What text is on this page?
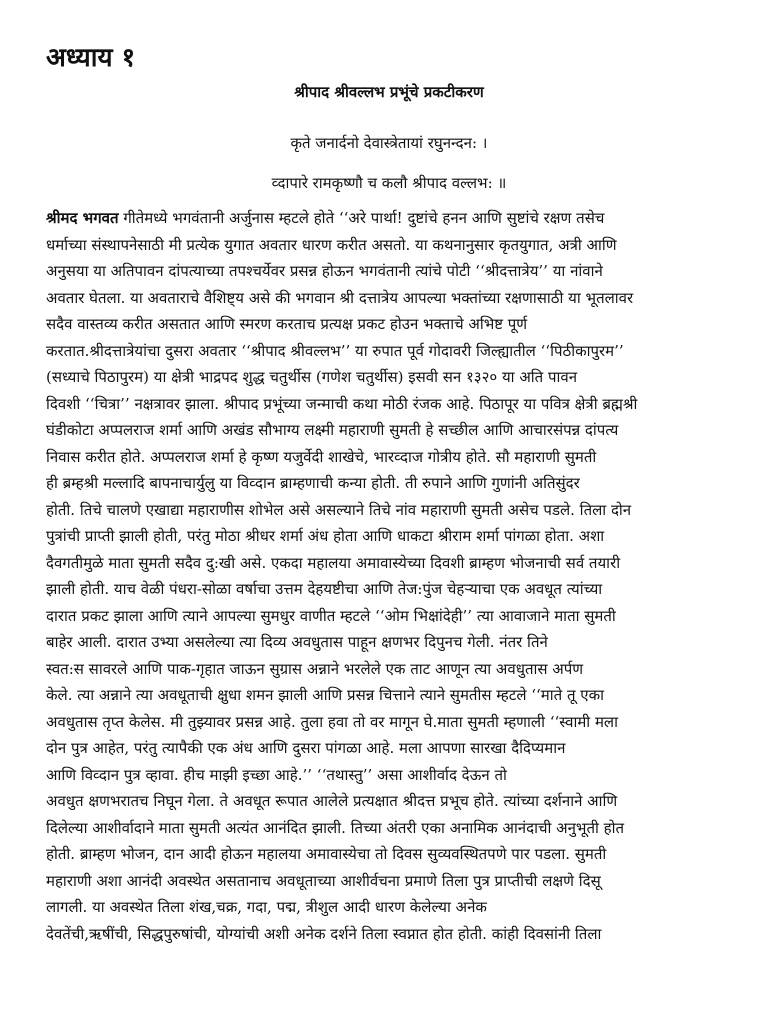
अध्याय १
श्रीपाद श्रीवल्लभ प्रभूंचे प्रकटीकरण

कृते जनार्दनो देवास्त्रेतायां रघुनन्दन: ।

व्दापारे रामकृष्णौ च कलौ श्रीपाद वल्लभ: ॥

श्रीमद भगवत गीतेमध्ये भगवंतानी अर्जुनास म्हटले होते ‘‘अरे पार्था! दुष्टांचे हनन आणि सुष्टांचे रक्षण तसेच
धर्माच्या संस्थापनेसाठी मी प्रत्येक युगात अवतार धारण करीत असतो. या कथनानुसार कृतयुगात, अत्री आणि
अनुसया या अतिपावन दांपत्याच्या तपश्चर्येवर प्रसन्न होऊन भगवंतानी त्यांचे पोटी ‘‘श्रीदत्तात्रेय’’ या नांवाने
अवतार घेतला. या अवताराचे वैशिष्ट्य असे की भगवान श्री दत्तात्रेय आपल्या भक्तांच्या रक्षणासाठी या भूतलावर
सदैव वास्तव्य करीत असतात आणि स्मरण करताच प्रत्यक्ष प्रकट होउन भक्ताचे अभिष्ट पूर्ण
करतात.श्रीदत्तात्रेयांचा दुसरा अवतार ‘‘श्रीपाद श्रीवल्लभ’’ या रुपात पूर्व गोदावरी जिल्ह्यातील ‘‘पिठीकापुरम’’
(सध्याचे पिठापुरम) या क्षेत्री भाद्रपद शुद्ध चतुर्थीस (गणेश चतुर्थीस) इसवी सन १३२० या अति पावन
दिवशी ‘‘चित्रा’’ नक्षत्रावर झाला. श्रीपाद प्रभूंच्या जन्माची कथा मोठी रंजक आहे. पिठापूर या पवित्र क्षेत्री ब्रह्मश्री
घंडीकोटा अप्पलराज शर्मा आणि अखंड सौभाग्य लक्ष्मी महाराणी सुमती हे सच्छील आणि आचारसंपन्न दांपत्य
निवास करीत होते. अप्पलराज शर्मा हे कृष्ण यजुर्वेदी शाखेचे, भारव्दाज गोत्रीय होते. सौ महाराणी सुमती
ही ब्रम्हश्री मल्लादि बापनाचार्युलु या विव्दान ब्राम्हणाची कन्या होती. ती रुपाने आणि गुणांनी अतिसुंदर
होती. तिचे चालणे एखाद्या महाराणीस शोभेल असे असल्याने तिचे नांव महाराणी सुमती असेच पडले. तिला दोन
पुत्रांची प्राप्ती झाली होती, परंतु मोठा श्रीधर शर्मा अंध होता आणि धाकटा श्रीराम शर्मा पांगळा होता. अशा
दैवगतीमुळे माता सुमती सदैव दु:खी असे. एकदा महालया अमावास्येच्या दिवशी ब्राम्हण भोजनाची सर्व तयारी
झाली होती. याच वेळी पंधरा-सोळा वर्षाचा उत्तम देहयष्टीचा आणि तेज:पुंज चेहऱ्याचा एक अवधूत त्यांच्या
दारात प्रकट झाला आणि त्याने आपल्या सुमधुर वाणीत म्हटले ‘‘ओम भिक्षांदेही’’ त्या आवाजाने माता सुमती
बाहेर आली. दारात उभ्या असलेल्या त्या दिव्य अवधुतास पाहून क्षणभर दिपुनच गेली. नंतर तिने
स्वत:स सावरले आणि पाक-गृहात जाऊन सुग्रास अन्नाने भरलेले एक ताट आणून त्या अवधुतास अर्पण
केले. त्या अन्नाने त्या अवधूताची क्षुधा शमन झाली आणि प्रसन्न चित्ताने त्याने सुमतीस म्हटले ‘‘माते तू एका
अवधुतास तृप्त केलेस. मी तुझ्यावर प्रसन्न आहे. तुला हवा तो वर मागून घे.माता सुमती म्हणाली ‘‘स्वामी मला
दोन पुत्र आहेत, परंतु त्यापैकी एक अंध आणि दुसरा पांगळा आहे. मला आपणा सारखा दैदिप्यमान
आणि विव्दान पुत्र व्हावा. हीच माझी इच्छा आहे.’’ ‘‘तथास्तु’’ असा आशीर्वाद देऊन तो
अवधुत क्षणभरातच निघून गेला. ते अवधूत रूपात आलेले प्रत्यक्षात श्रीदत्त प्रभूच होते. त्यांच्या दर्शनाने आणि
दिलेल्या आशीर्वादाने माता सुमती अत्यंत आनंदित झाली. तिच्या अंतरी एका अनामिक आनंदाची अनुभूती होत
होती. ब्राम्हण भोजन, दान आदी होऊन महालया अमावास्येचा तो दिवस सुव्यवस्थितपणे पार पडला. सुमती
महाराणी अशा आनंदी अवस्थेत असतानाच अवधूताच्या आशीर्वचना प्रमाणे तिला पुत्र प्राप्तीची लक्षणे दिसू
लागली. या अवस्थेत तिला शंख,चक्र, गदा, पद्म, त्रीशुल आदी धारण केलेल्या अनेक
देवतेंची,ऋषींची, सिद्धपुरुषांची, योग्यांची अशी अनेक दर्शने तिला स्वप्नात होत होती. कांही दिवसांनी तिला
